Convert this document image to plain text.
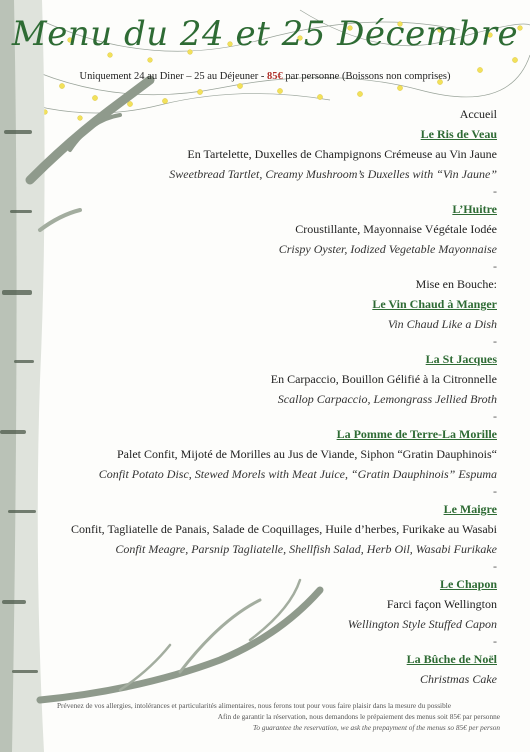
Menu du 24 et 25 Décembre
Uniquement 24 au Diner – 25 au Déjeuner - 85€ par personne (Boissons non comprises)
Accueil
Le Ris de Veau
En Tartelette, Duxelles de Champignons Crémeuse au Vin Jaune
Sweetbread Tartlet, Creamy Mushroom’s Duxelles with “Vin Jaune”
-
L’Huitre
Croustillante, Mayonnaise Végétale Iodée
Crispy Oyster, Iodized Vegetable Mayonnaise
-
Mise en Bouche:
Le Vin Chaud à Manger
Vin Chaud Like a Dish
-
La St Jacques
En Carpaccio, Bouillon Gélifié à la Citronnelle
Scallop Carpaccio, Lemongrass Jellied Broth
-
La Pomme de Terre-La Morille
Palet Confit, Mijoté de Morilles au Jus de Viande, Siphon “Gratin Dauphinois“
Confit Potato Disc, Stewed Morels with Meat Juice, “Gratin Dauphinois” Espuma
-
Le Maigre
Confit, Tagliatelle de Panais, Salade de Coquillages, Huile d’herbes, Furikake au Wasabi
Confit Meagre, Parsnip Tagliatelle, Shellfish Salad, Herb Oil, Wasabi Furikake
-
Le Chapon
Farci façon Wellington
Wellington Style Stuffed Capon
-
La Bûche de Noël
Christmas Cake
Prévenez de vos allergies, intolérances et particularités alimentaires, nous ferons tout pour vous faire plaisir dans la mesure du possible
Afin de garantir la réservation, nous demandons le prépaiement des menus soit 85€ par personne
To guarantee the reservation, we ask the prepayment of the menus so 85€ per person
